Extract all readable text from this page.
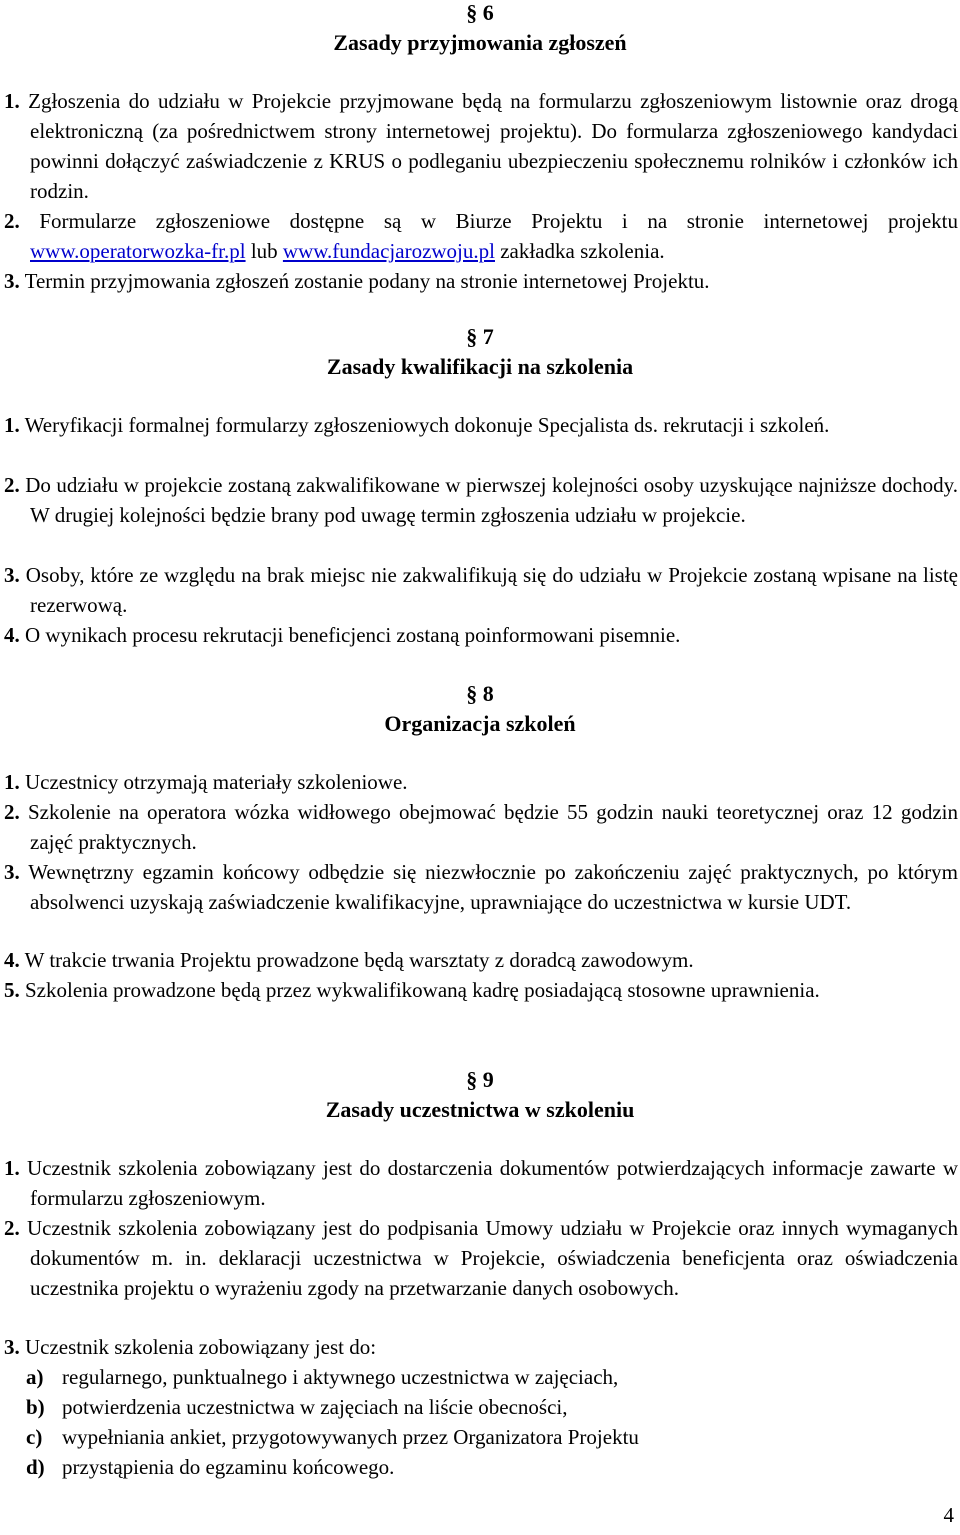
§ 6
Zasady przyjmowania zgłoszeń
1. Zgłoszenia do udziału w Projekcie przyjmowane będą na formularzu zgłoszeniowym listownie oraz drogą elektroniczną (za pośrednictwem strony internetowej projektu). Do formularza zgłoszeniowego kandydaci powinni dołączyć zaświadczenie z KRUS o podleganiu ubezpieczeniu społecznemu rolników i członków ich rodzin.
2. Formularze zgłoszeniowe dostępne są w Biurze Projektu i na stronie internetowej projektu www.operatorwozka-fr.pl lub www.fundacjarozwoju.pl zakładka szkolenia.
3. Termin przyjmowania zgłoszeń zostanie podany na stronie internetowej Projektu.
§ 7
Zasady kwalifikacji na szkolenia
1. Weryfikacji formalnej formularzy zgłoszeniowych dokonuje Specjalista ds. rekrutacji i szkoleń.
2. Do udziału w projekcie zostaną zakwalifikowane w pierwszej kolejności osoby uzyskujące najniższe dochody. W drugiej kolejności będzie brany pod uwagę termin zgłoszenia udziału w projekcie.
3. Osoby, które ze względu na brak miejsc nie zakwalifikują się do udziału w Projekcie zostaną wpisane na listę rezerwową.
4. O wynikach procesu rekrutacji beneficjenci zostaną poinformowani pisemnie.
§ 8
Organizacja szkoleń
1. Uczestnicy otrzymają materiały szkoleniowe.
2. Szkolenie na operatora wózka widłowego obejmować będzie 55 godzin nauki teoretycznej oraz 12 godzin zajęć praktycznych.
3. Wewnętrzny egzamin końcowy odbędzie się niezwłocznie po zakończeniu zajęć praktycznych, po którym absolwenci uzyskają zaświadczenie kwalifikacyjne, uprawniające do uczestnictwa w kursie UDT.
4. W trakcie trwania Projektu prowadzone będą warsztaty z doradcą zawodowym.
5. Szkolenia prowadzone będą przez wykwalifikowaną kadrę posiadającą stosowne uprawnienia.
§ 9
Zasady uczestnictwa w szkoleniu
1. Uczestnik szkolenia zobowiązany jest do dostarczenia dokumentów potwierdzających informacje zawarte w formularzu zgłoszeniowym.
2. Uczestnik szkolenia zobowiązany jest do podpisania Umowy udziału w Projekcie oraz innych wymaganych dokumentów m. in. deklaracji uczestnictwa w Projekcie, oświadczenia beneficjenta oraz oświadczenia uczestnika projektu o wyrażeniu zgody na przetwarzanie danych osobowych.
3. Uczestnik szkolenia zobowiązany jest do:
a) regularnego, punktualnego i aktywnego uczestnictwa w zajęciach,
b) potwierdzenia uczestnictwa w zajęciach na liście obecności,
c) wypełniania ankiet, przygotowywanych przez Organizatora Projektu
d) przystąpienia do egzaminu końcowego.
4
